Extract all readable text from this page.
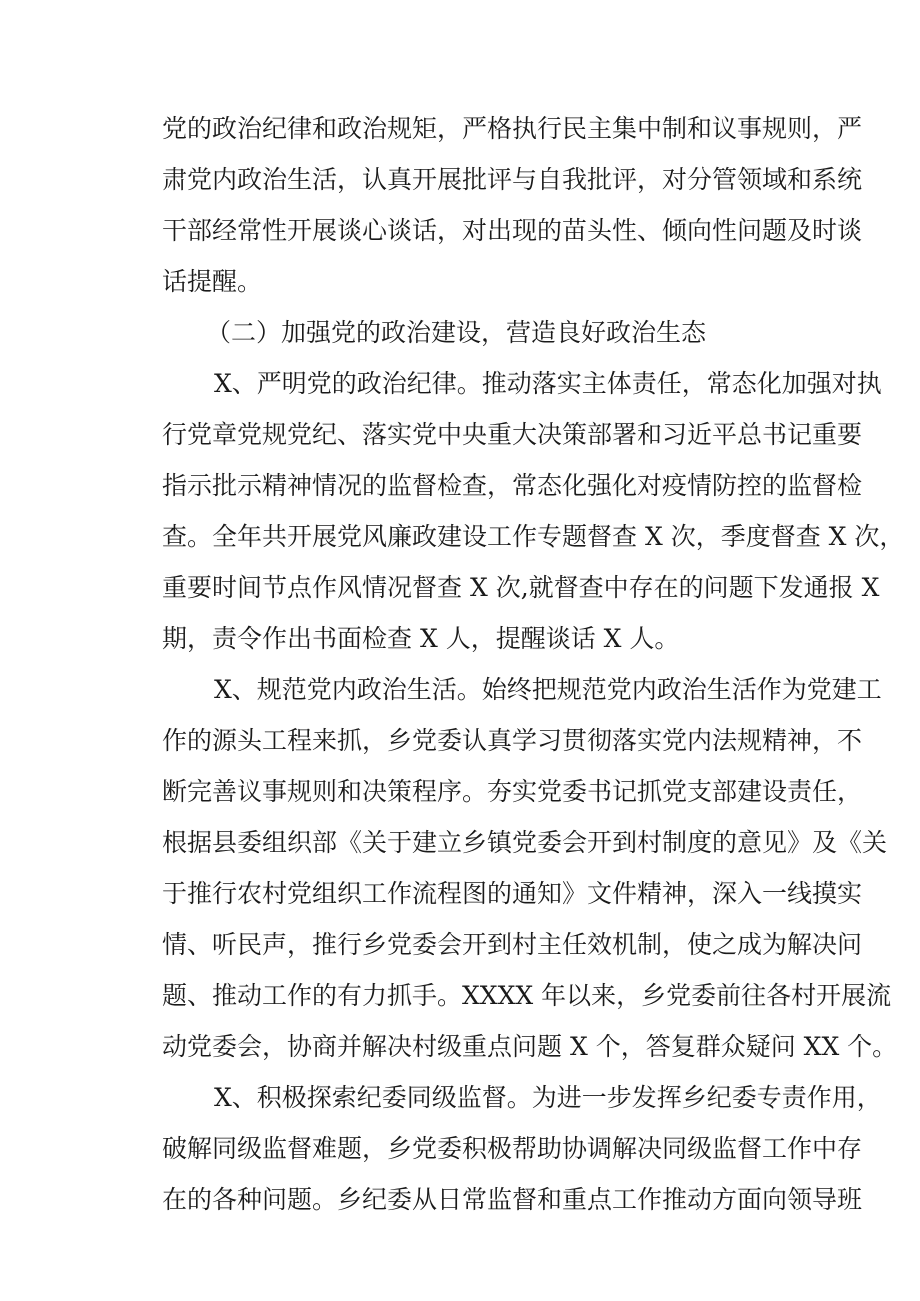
党的政治纪律和政治规矩，严格执行民主集中制和议事规则，严
肃党内政治生活，认真开展批评与自我批评，对分管领域和系统
干部经常性开展谈心谈话，对出现的苗头性、倾向性问题及时谈
话提醒。
（二）加强党的政治建设，营造良好政治生态
X、严明党的政治纪律。推动落实主体责任，常态化加强对执
行党章党规党纪、落实党中央重大决策部署和习近平总书记重要
指示批示精神情况的监督检查，常态化强化对疫情防控的监督检
查。全年共开展党风廉政建设工作专题督查 X 次，季度督查 X 次，
重要时间节点作风情况督查 X 次,就督查中存在的问题下发通报 X
期，责令作出书面检查 X 人，提醒谈话 X 人。
X、规范党内政治生活。始终把规范党内政治生活作为党建工
作的源头工程来抓，乡党委认真学习贯彻落实党内法规精神，不
断完善议事规则和决策程序。夯实党委书记抓党支部建设责任，
根据县委组织部《关于建立乡镇党委会开到村制度的意见》及《关
于推行农村党组织工作流程图的通知》文件精神，深入一线摸实
情、听民声，推行乡党委会开到村主任效机制，使之成为解决问
题、推动工作的有力抓手。XXXX 年以来，乡党委前往各村开展流
动党委会，协商并解决村级重点问题 X 个，答复群众疑问 XX 个。
X、积极探索纪委同级监督。为进一步发挥乡纪委专责作用，
破解同级监督难题，乡党委积极帮助协调解决同级监督工作中存
在的各种问题。乡纪委从日常监督和重点工作推动方面向领导班
